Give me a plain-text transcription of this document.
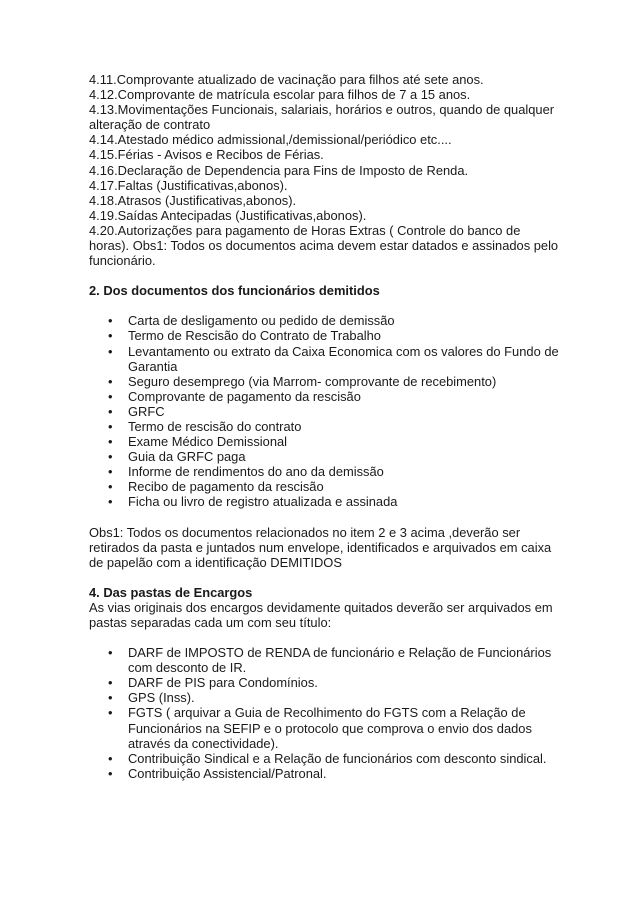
4.11.Comprovante atualizado de vacinação para filhos até sete anos.

4.12.Comprovante de matrícula escolar para filhos de 7 a 15 anos.

4.13.Movimentações Funcionais, salariais, horários e outros, quando de qualquer alteração de contrato

4.14.Atestado médico admissional,/demissional/periódico etc....

4.15.Férias - Avisos e Recibos de Férias.

4.16.Declaração de Dependencia para Fins de Imposto de Renda.

4.17.Faltas (Justificativas,abonos).

4.18.Atrasos (Justificativas,abonos).

4.19.Saídas Antecipadas (Justificativas,abonos).

4.20.Autorizações para pagamento de Horas Extras ( Controle do banco de horas). Obs1: Todos os documentos acima devem estar datados e assinados pelo funcionário.

2. Dos documentos dos funcionários demitidos

• Carta de desligamento ou pedido de demissão
• Termo de Rescisão do Contrato de Trabalho
• Levantamento ou extrato da Caixa Economica com os valores do Fundo de Garantia
• Seguro desemprego (via Marrom- comprovante de recebimento)
• Comprovante de pagamento da rescisão
• GRFC
• Termo de rescisão do contrato
• Exame Médico Demissional
• Guia da GRFC paga
• Informe de rendimentos do ano da demissão
• Recibo de pagamento da rescisão
• Ficha ou livro de registro atualizada e assinada

Obs1: Todos os documentos relacionados no item 2 e 3 acima ,deverão ser retirados da pasta e juntados num envelope, identificados e arquivados em caixa de papelão com a identificação DEMITIDOS

4. Das pastas de Encargos

As vias originais dos encargos devidamente quitados deverão ser arquivados em pastas separadas cada um com seu título:

• DARF de IMPOSTO de RENDA de funcionário e Relação de Funcionários com desconto de IR.
• DARF de PIS para Condomínios.
• GPS (Inss).
• FGTS ( arquivar a Guia de Recolhimento do FGTS com a Relação de Funcionários na SEFIP e o protocolo que comprova o envio dos dados através da conectividade).
• Contribuição Sindical e a Relação de funcionários com desconto sindical.
• Contribuição Assistencial/Patronal.
